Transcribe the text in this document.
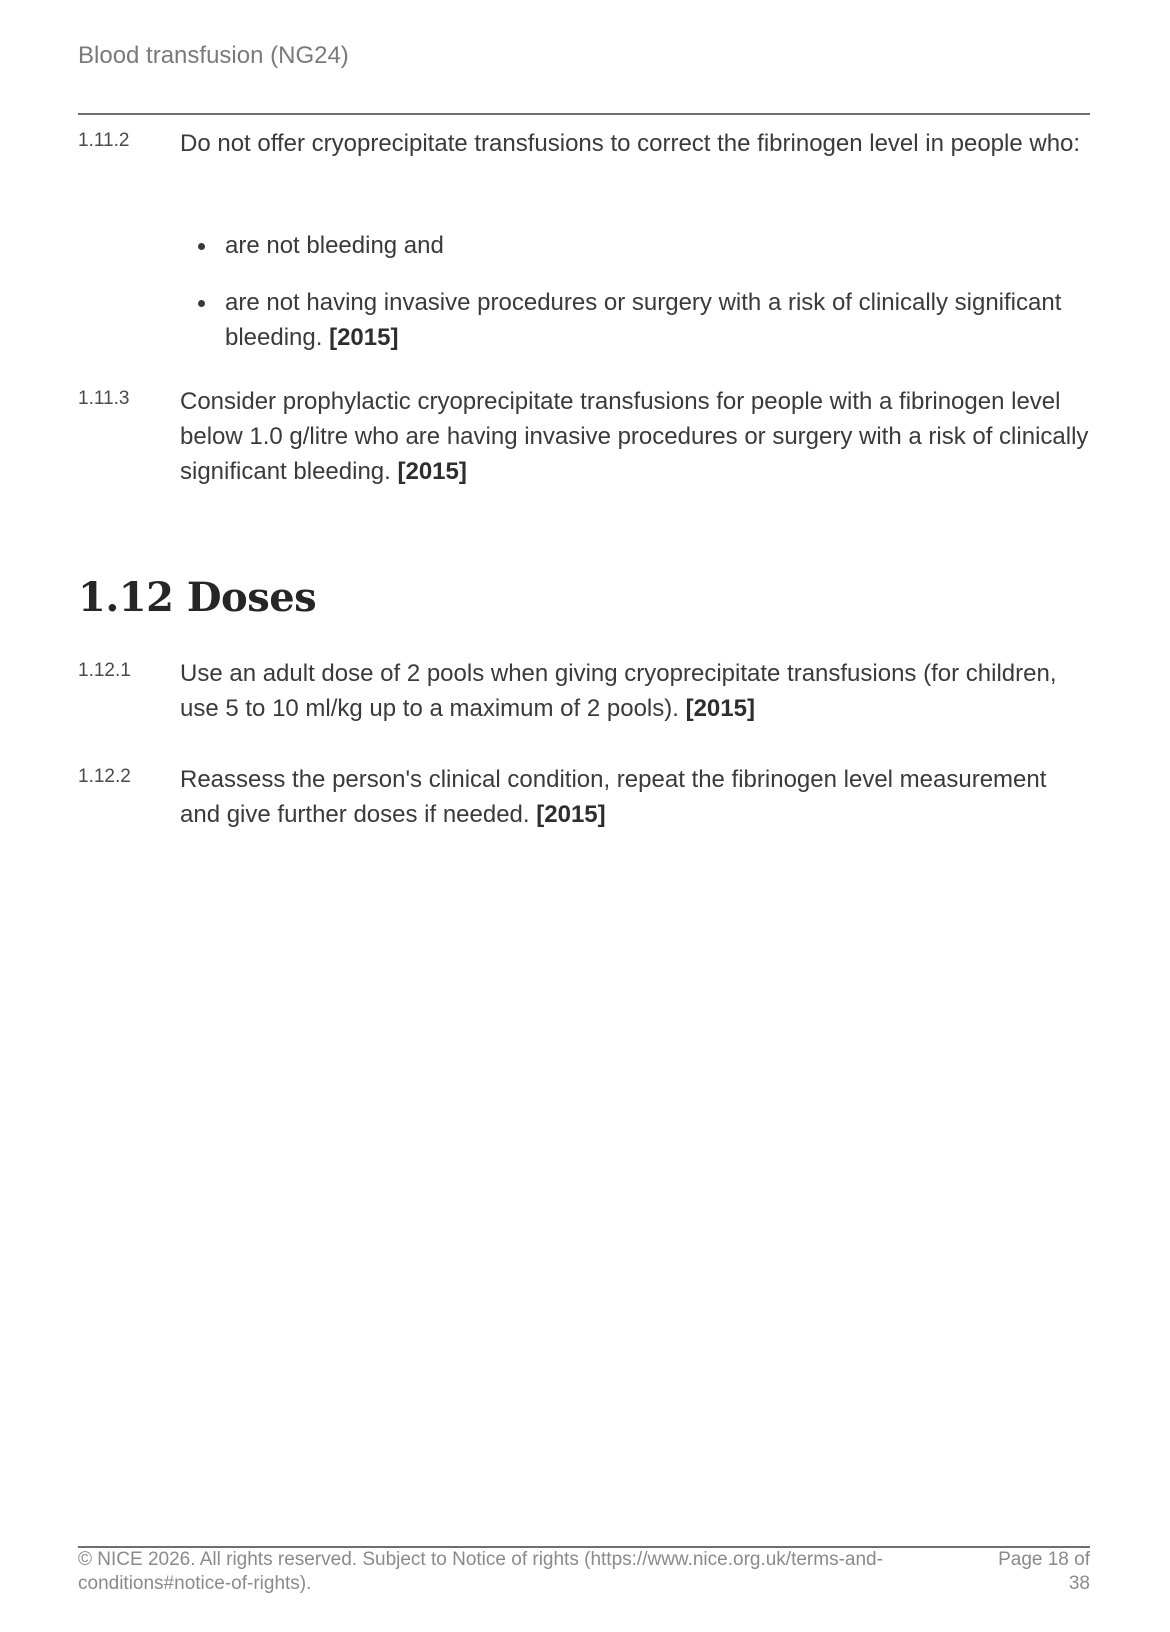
Blood transfusion (NG24)
1.11.2 Do not offer cryoprecipitate transfusions to correct the fibrinogen level in people who:
are not bleeding and
are not having invasive procedures or surgery with a risk of clinically significant bleeding. [2015]
1.11.3 Consider prophylactic cryoprecipitate transfusions for people with a fibrinogen level below 1.0 g/litre who are having invasive procedures or surgery with a risk of clinically significant bleeding. [2015]
1.12 Doses
1.12.1 Use an adult dose of 2 pools when giving cryoprecipitate transfusions (for children, use 5 to 10 ml/kg up to a maximum of 2 pools). [2015]
1.12.2 Reassess the person's clinical condition, repeat the fibrinogen level measurement and give further doses if needed. [2015]
© NICE 2026. All rights reserved. Subject to Notice of rights (https://www.nice.org.uk/terms-and-conditions#notice-of-rights).
Page 18 of 38
